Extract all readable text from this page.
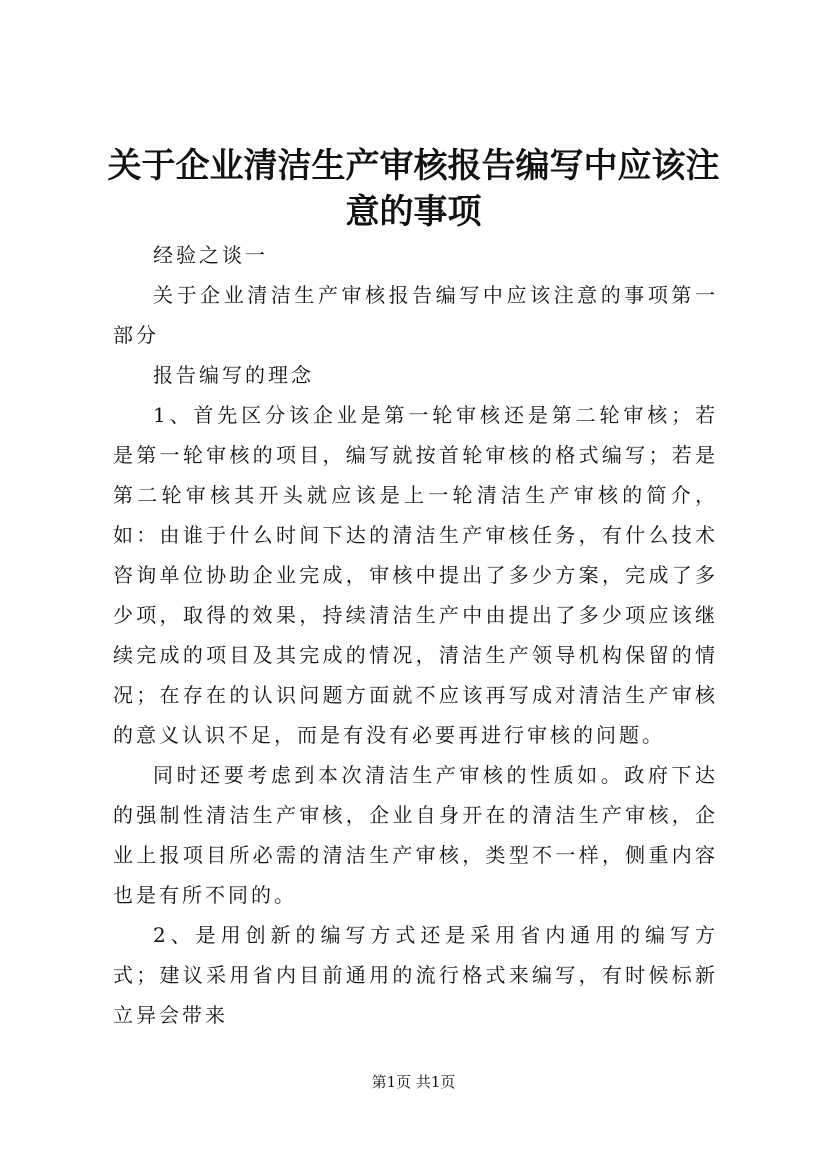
关于企业清洁生产审核报告编写中应该注意的事项

经验之谈一

关于企业清洁生产审核报告编写中应该注意的事项第一部分

报告编写的理念

1、首先区分该企业是第一轮审核还是第二轮审核；若是第一轮审核的项目，编写就按首轮审核的格式编写；若是第二轮审核其开头就应该是上一轮清洁生产审核的简介，如：由谁于什么时间下达的清洁生产审核任务，有什么技术咨询单位协助企业完成，审核中提出了多少方案，完成了多少项，取得的效果，持续清洁生产中由提出了多少项应该继续完成的项目及其完成的情况，清洁生产领导机构保留的情况；在存在的认识问题方面就不应该再写成对清洁生产审核的意义认识不足，而是有没有必要再进行审核的问题。

同时还要考虑到本次清洁生产审核的性质如。政府下达的强制性清洁生产审核，企业自身开在的清洁生产审核，企业上报项目所必需的清洁生产审核，类型不一样，侧重内容也是有所不同的。

2、是用创新的编写方式还是采用省内通用的编写方式；建议采用省内目前通用的流行格式来编写，有时候标新立异会带来

第1页 共1页
